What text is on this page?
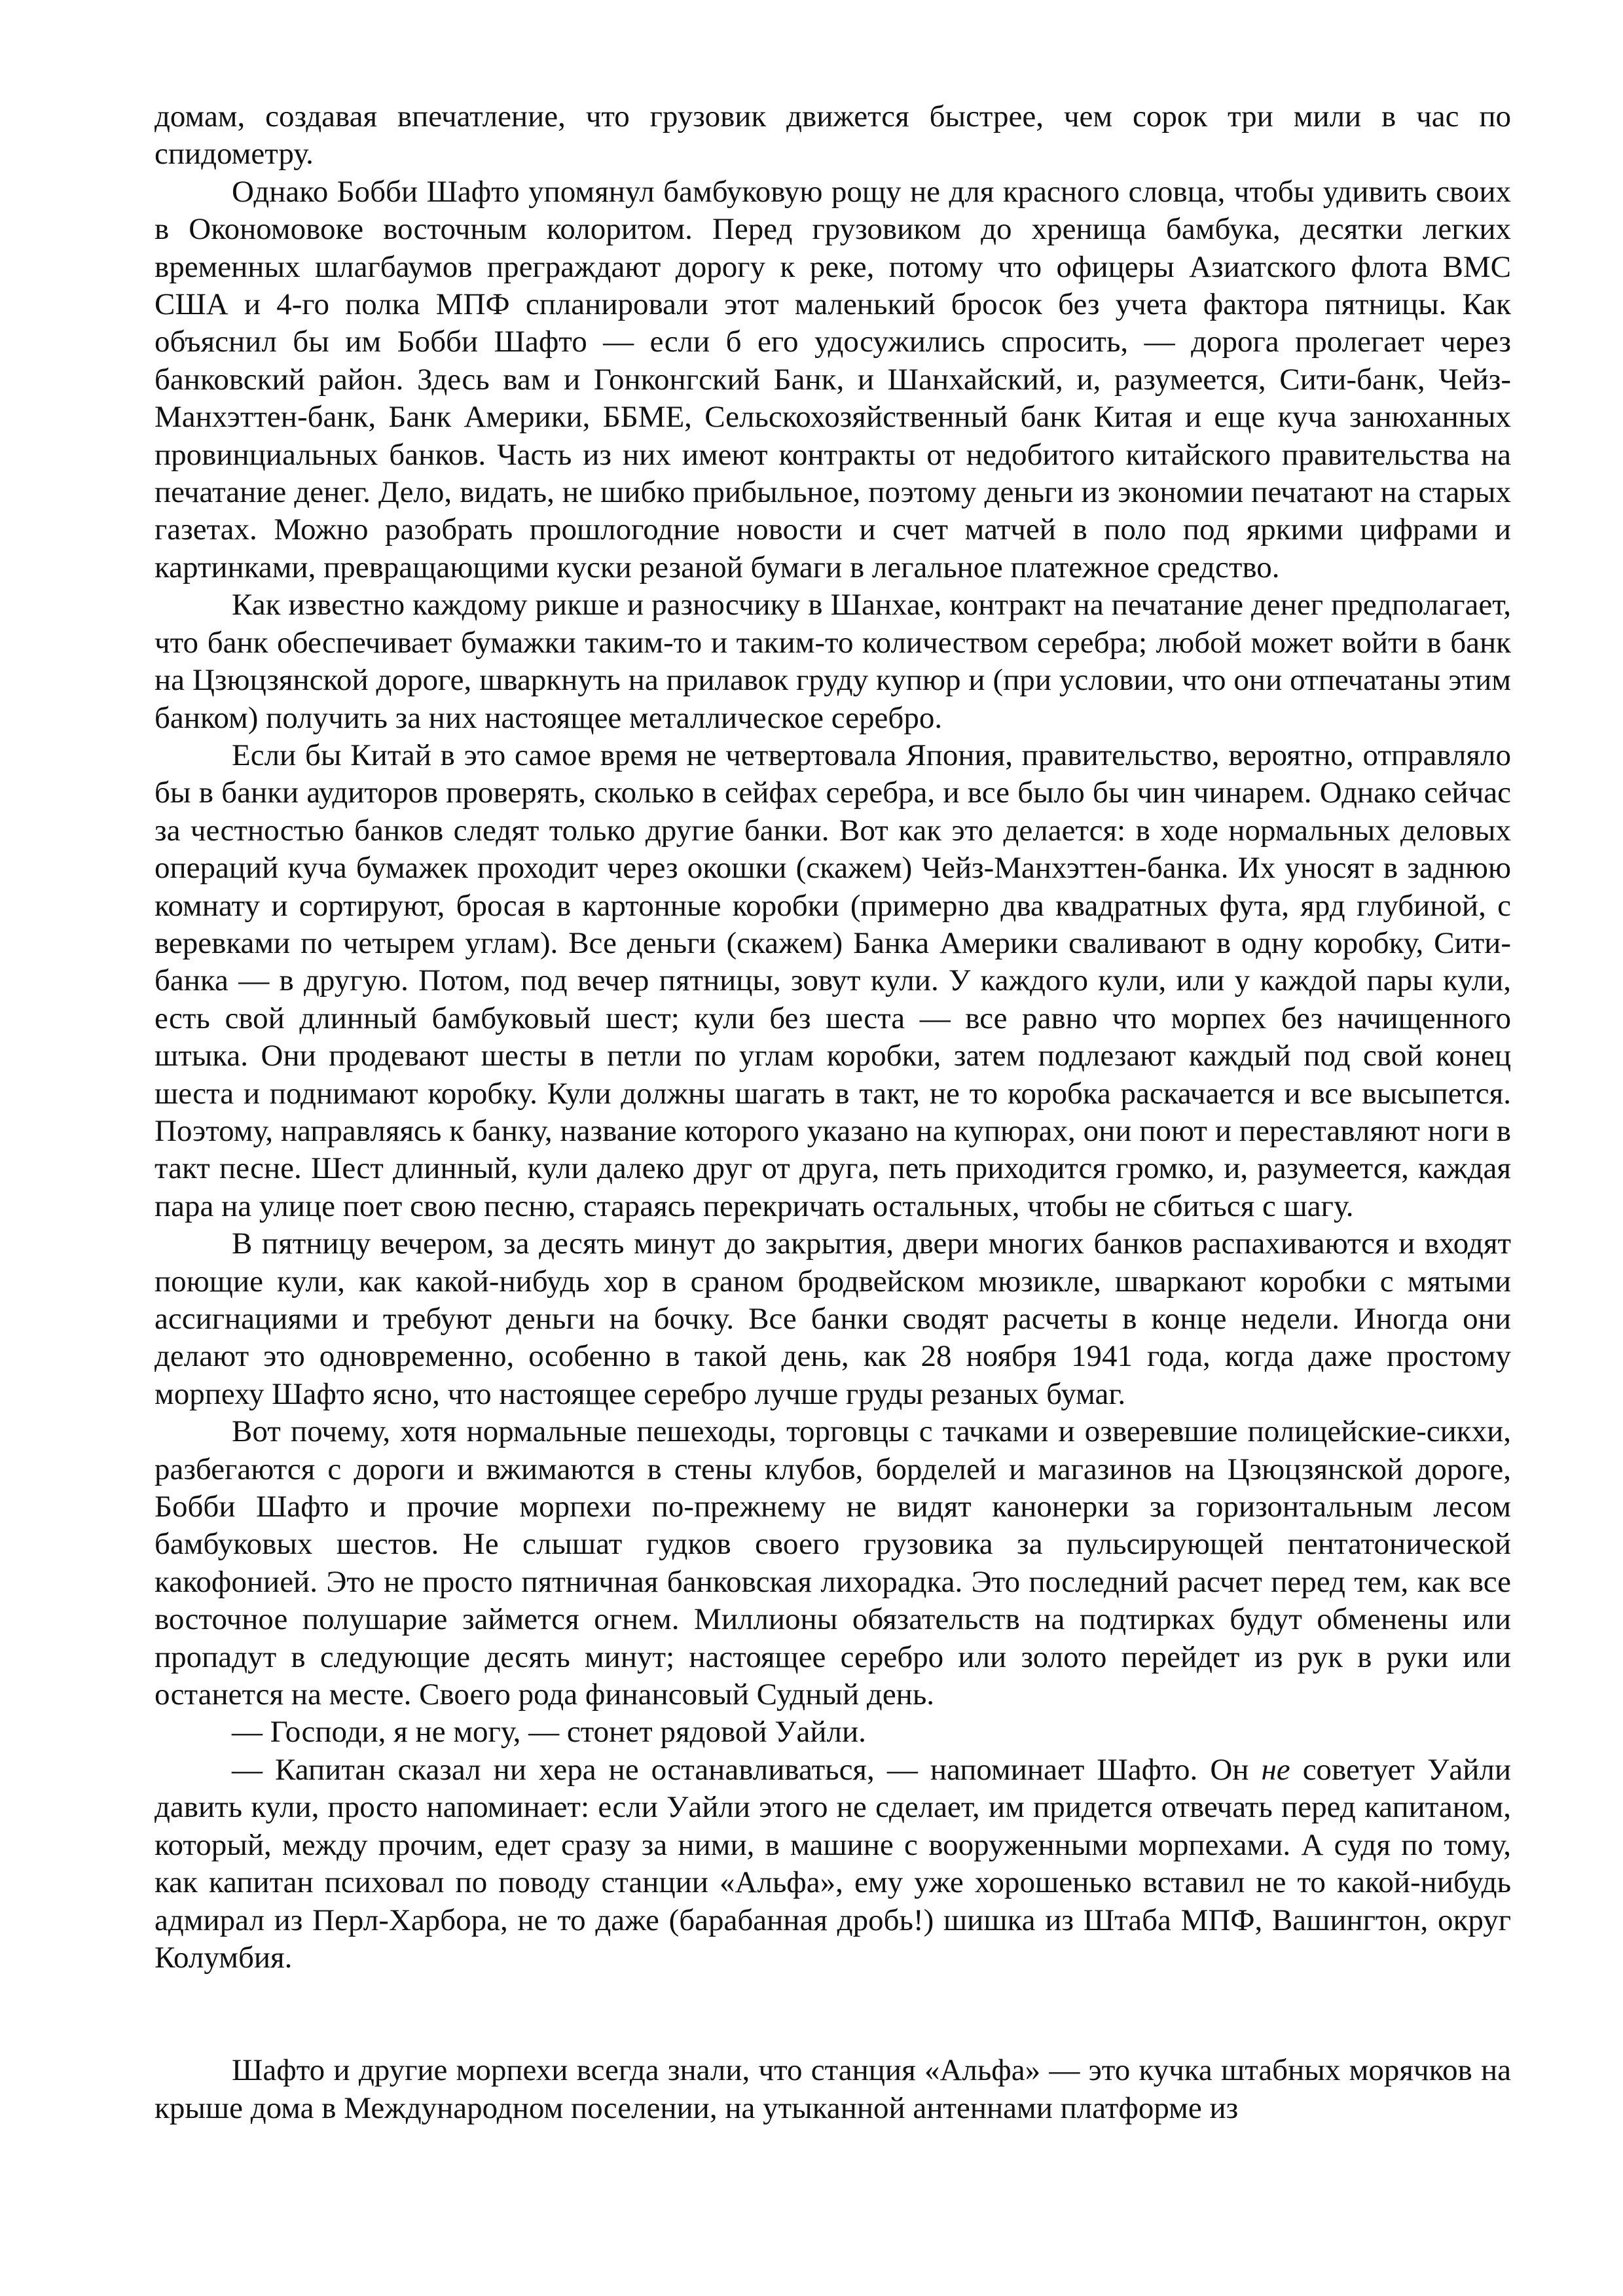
домам, создавая впечатление, что грузовик движется быстрее, чем сорок три мили в час по спидометру.

Однако Бобби Шафто упомянул бамбуковую рощу не для красного словца, чтобы удивить своих в Окономовоке восточным колоритом. Перед грузовиком до хренища бамбука, десятки легких временных шлагбаумов преграждают дорогу к реке, потому что офицеры Азиатского флота ВМС США и 4-го полка МПФ спланировали этот маленький бросок без учета фактора пятницы. Как объяснил бы им Бобби Шафто — если б его удосужились спросить, — дорога пролегает через банковский район. Здесь вам и Гонконгский Банк, и Шанхайский, и, разумеется, Сити-банк, Чейз-Манхэттен-банк, Банк Америки, ББМЕ, Сельскохозяйственный банк Китая и еще куча занюханных провинциальных банков. Часть из них имеют контракты от недобитого китайского правительства на печатание денег. Дело, видать, не шибко прибыльное, поэтому деньги из экономии печатают на старых газетах. Можно разобрать прошлогодние новости и счет матчей в поло под яркими цифрами и картинками, превращающими куски резаной бумаги в легальное платежное средство.

Как известно каждому рикше и разносчику в Шанхае, контракт на печатание денег предполагает, что банк обеспечивает бумажки таким-то и таким-то количеством серебра; любой может войти в банк на Цзюцзянской дороге, шваркнуть на прилавок груду купюр и (при условии, что они отпечатаны этим банком) получить за них настоящее металлическое серебро.

Если бы Китай в это самое время не четвертовала Япония, правительство, вероятно, отправляло бы в банки аудиторов проверять, сколько в сейфах серебра, и все было бы чин чинарем. Однако сейчас за честностью банков следят только другие банки. Вот как это делается: в ходе нормальных деловых операций куча бумажек проходит через окошки (скажем) Чейз-Манхэттен-банка. Их уносят в заднюю комнату и сортируют, бросая в картонные коробки (примерно два квадратных фута, ярд глубиной, с веревками по четырем углам). Все деньги (скажем) Банка Америки сваливают в одну коробку, Сити-банка — в другую. Потом, под вечер пятницы, зовут кули. У каждого кули, или у каждой пары кули, есть свой длинный бамбуковый шест; кули без шеста — все равно что морпех без начищенного штыка. Они продевают шесты в петли по углам коробки, затем подлезают каждый под свой конец шеста и поднимают коробку. Кули должны шагать в такт, не то коробка раскачается и все высыпется. Поэтому, направляясь к банку, название которого указано на купюрах, они поют и переставляют ноги в такт песне. Шест длинный, кули далеко друг от друга, петь приходится громко, и, разумеется, каждая пара на улице поет свою песню, стараясь перекричать остальных, чтобы не сбиться с шагу.

В пятницу вечером, за десять минут до закрытия, двери многих банков распахиваются и входят поющие кули, как какой-нибудь хор в сраном бродвейском мюзикле, шваркают коробки с мятыми ассигнациями и требуют деньги на бочку. Все банки сводят расчеты в конце недели. Иногда они делают это одновременно, особенно в такой день, как 28 ноября 1941 года, когда даже простому морпеху Шафто ясно, что настоящее серебро лучше груды резаных бумаг.

Вот почему, хотя нормальные пешеходы, торговцы с тачками и озверевшие полицейские-сикхи, разбегаются с дороги и вжимаются в стены клубов, борделей и магазинов на Цзюцзянской дороге, Бобби Шафто и прочие морпехи по-прежнему не видят канонерки за горизонтальным лесом бамбуковых шестов. Не слышат гудков своего грузовика за пульсирующей пентатонической какофонией. Это не просто пятничная банковская лихорадка. Это последний расчет перед тем, как все восточное полушарие займется огнем. Миллионы обязательств на подтирках будут обменены или пропадут в следующие десять минут; настоящее серебро или золото перейдет из рук в руки или останется на месте. Своего рода финансовый Судный день.

— Господи, я не могу, — стонет рядовой Уайли.

— Капитан сказал ни хера не останавливаться, — напоминает Шафто. Он не советует Уайли давить кули, просто напоминает: если Уайли этого не сделает, им придется отвечать перед капитаном, который, между прочим, едет сразу за ними, в машине с вооруженными морпехами. А судя по тому, как капитан психовал по поводу станции «Альфа», ему уже хорошенько вставил не то какой-нибудь адмирал из Перл-Харбора, не то даже (барабанная дробь!) шишка из Штаба МПФ, Вашингтон, округ Колумбия.

Шафто и другие морпехи всегда знали, что станция «Альфа» — это кучка штабных морячков на крыше дома в Международном поселении, на утыканной антеннами платформе из
